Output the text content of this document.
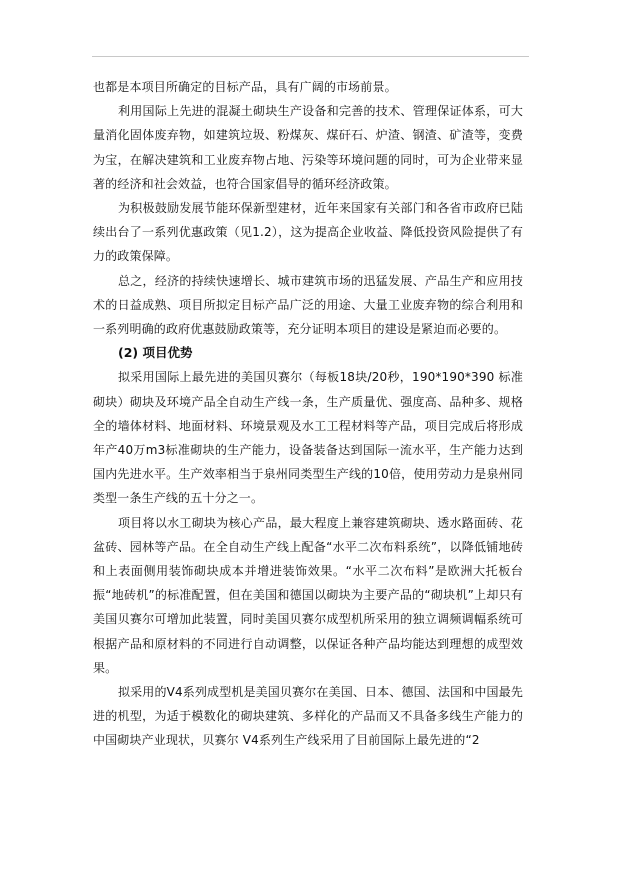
也都是本项目所确定的目标产品，具有广阔的市场前景。

利用国际上先进的混凝土砌块生产设备和完善的技术、管理保证体系，可大量消化固体废弃物，如建筑垃圾、粉煤灰、煤矸石、炉渣、钢渣、矿渣等，变费为宝，在解决建筑和工业废弃物占地、污染等环境问题的同时，可为企业带来显著的经济和社会效益，也符合国家倡导的循环经济政策。

为积极鼓励发展节能环保新型建材，近年来国家有关部门和各省市政府已陆续出台了一系列优惠政策（见1.2），这为提高企业收益、降低投资风险提供了有力的政策保障。

总之，经济的持续快速增长、城市建筑市场的迅猛发展、产品生产和应用技术的日益成熟、项目所拟定目标产品广泛的用途、大量工业废弃物的综合利用和一系列明确的政府优惠鼓励政策等，充分证明本项目的建设是紧迫而必要的。

(2) 项目优势

拟采用国际上最先进的美国贝赛尔（每板18块/20秒，190*190*390 标准砌块）砌块及环境产品全自动生产线一条，生产质量优、强度高、品种多、规格全的墙体材料、地面材料、环境景观及水工工程材料等产品，项目完成后将形成年产40万m3标准砌块的生产能力，设备装备达到国际一流水平，生产能力达到国内先进水平。生产效率相当于泉州同类型生产线的10倍，使用劳动力是泉州同类型一条生产线的五十分之一。

项目将以水工砌块为核心产品，最大程度上兼容建筑砌块、透水路面砖、花盆砖、园林等产品。在全自动生产线上配备“水平二次布料系统”，以降低铺地砖和上表面侧用装饰砌块成本并增进装饰效果。“水平二次布料”是欧洲大托板台振“地砖机”的标准配置，但在美国和德国以砌块为主要产品的“砌块机”上却只有美国贝赛尔可增加此装置，同时美国贝赛尔成型机所采用的独立调频调幅系统可根据产品和原材料的不同进行自动调整，以保证各种产品均能达到理想的成型效果。

拟采用的V4系列成型机是美国贝赛尔在美国、日本、德国、法国和中国最先进的机型，为适于模数化的砌块建筑、多样化的产品而又不具备多线生产能力的中国砌块产业现状，贝赛尔 V4系列生产线采用了目前国际上最先进的“2
